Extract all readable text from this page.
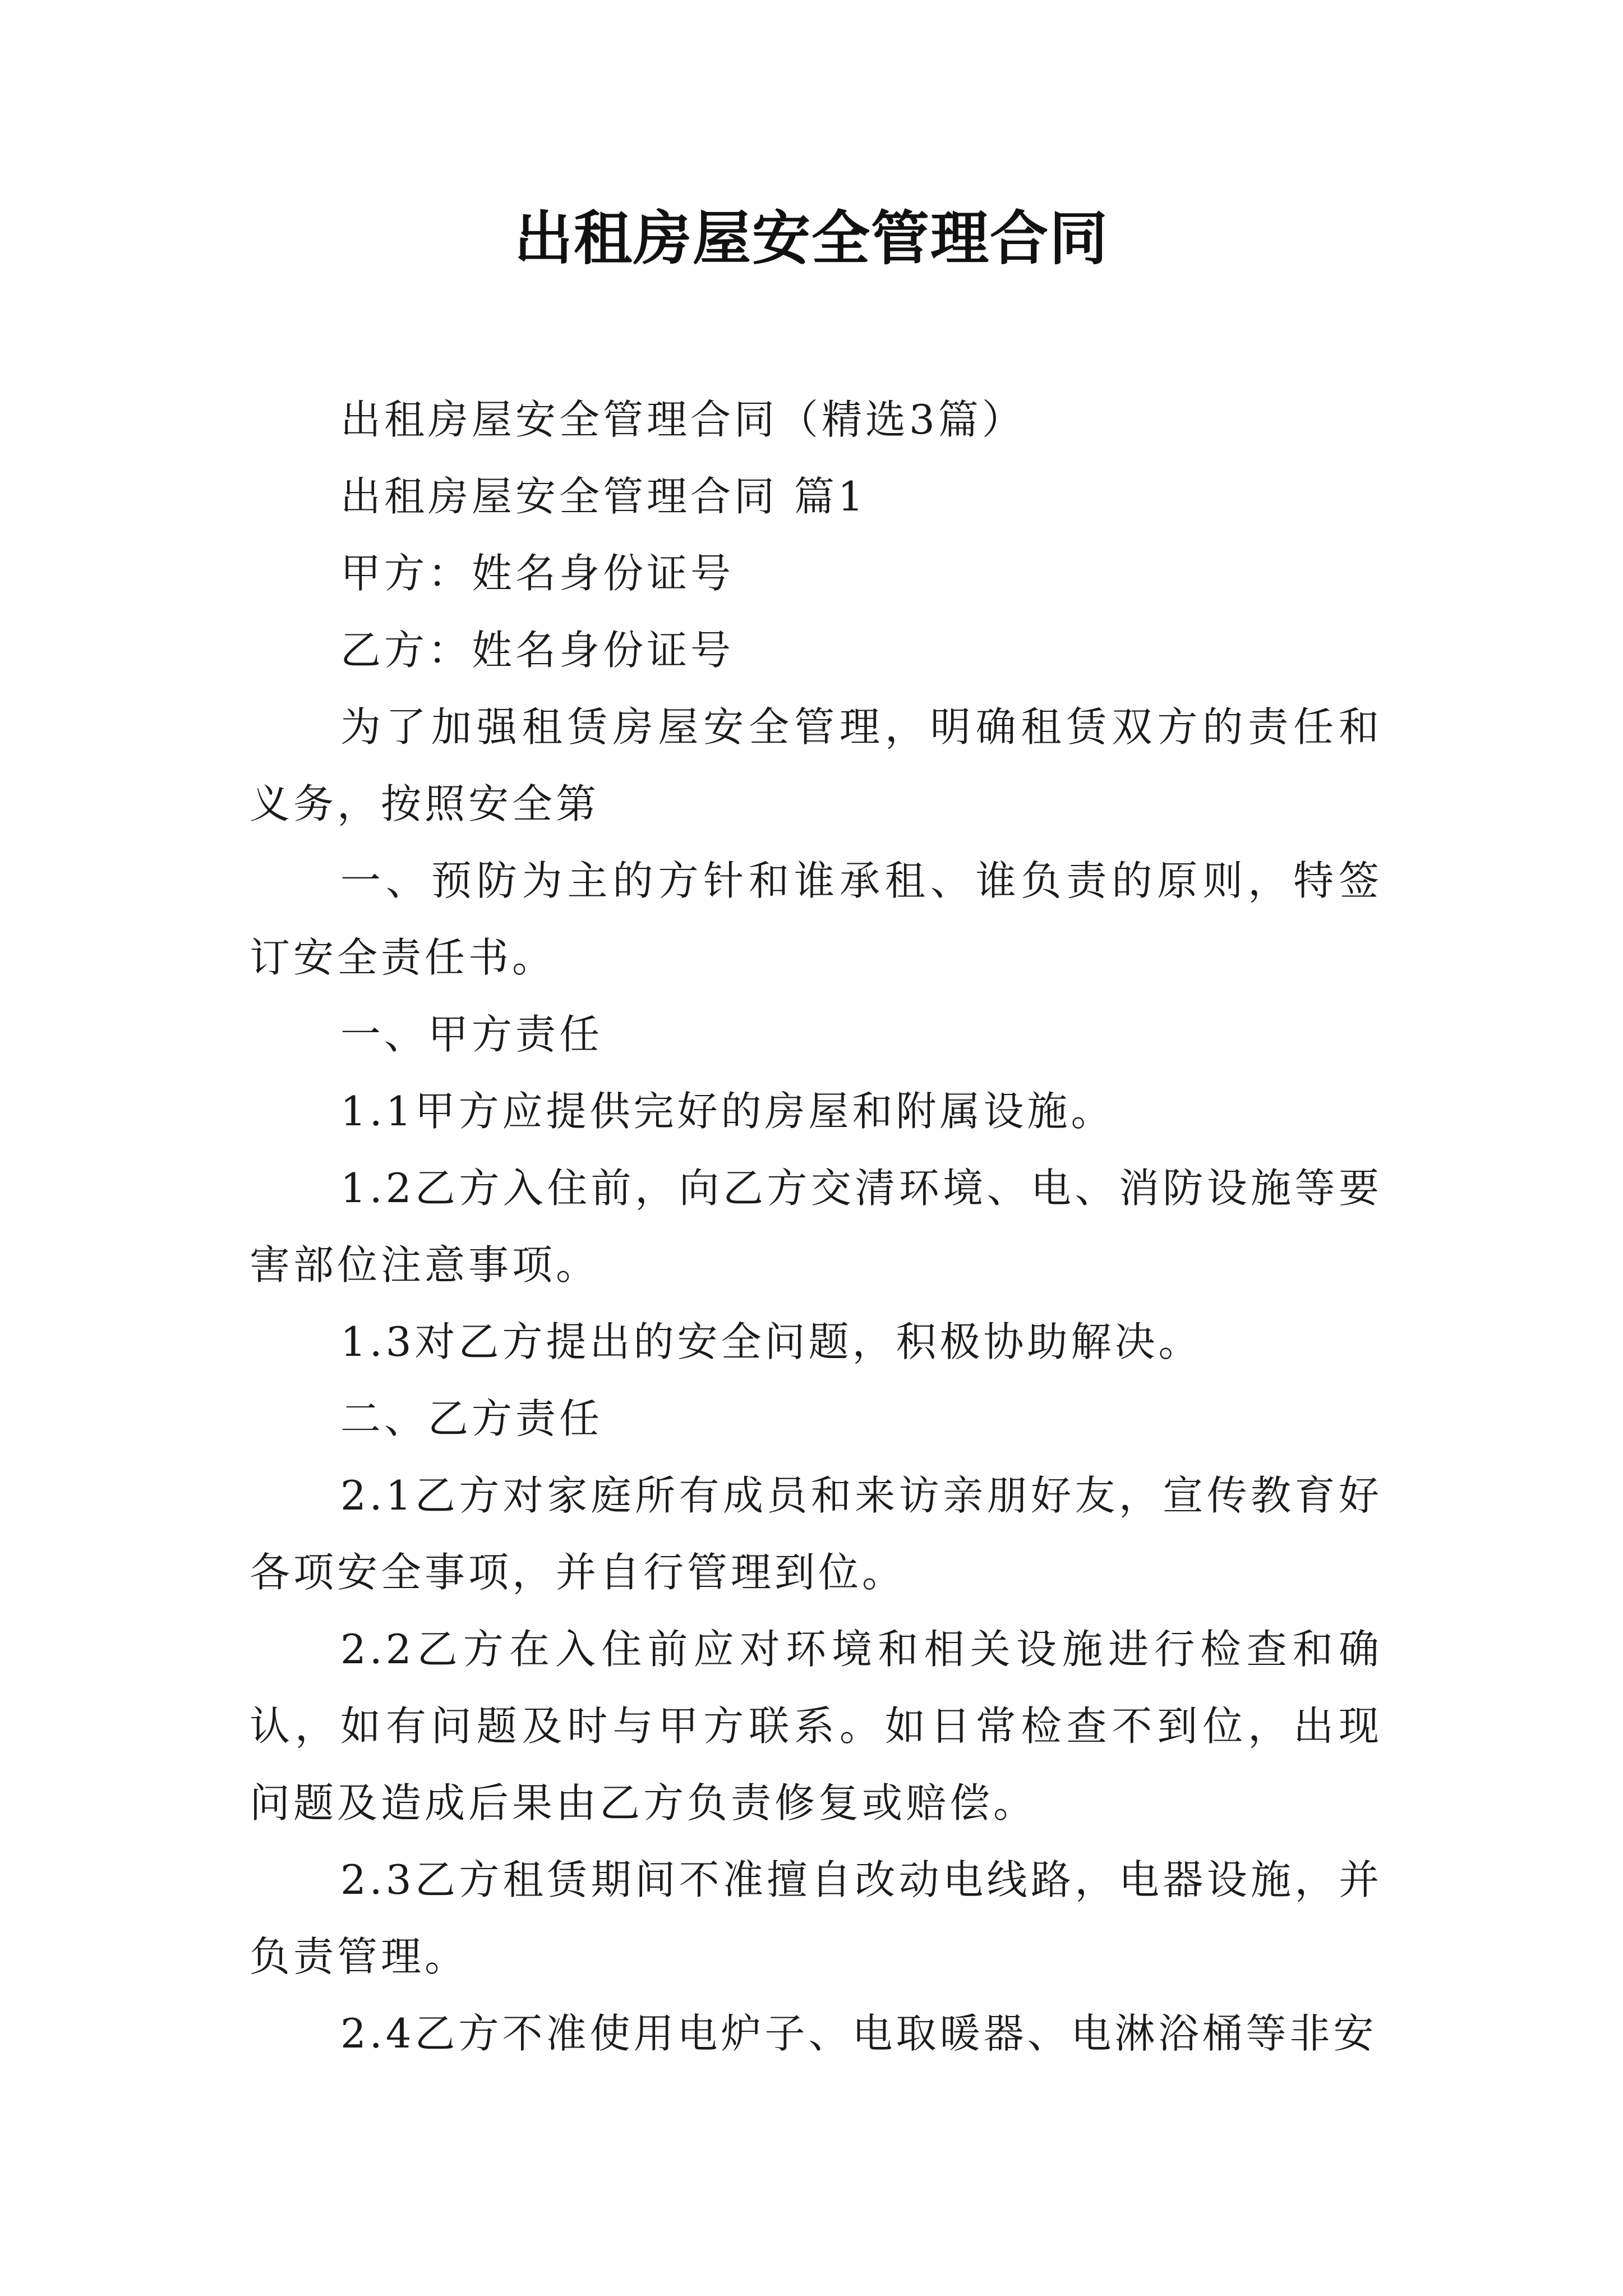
出租房屋安全管理合同

出租房屋安全管理合同（精选3篇）

出租房屋安全管理合同 篇1

甲方：姓名身份证号

乙方：姓名身份证号

为了加强租赁房屋安全管理，明确租赁双方的责任和义务，按照安全第

一、预防为主的方针和谁承租、谁负责的原则，特签订安全责任书。

一、甲方责任

1.1甲方应提供完好的房屋和附属设施。

1.2乙方入住前，向乙方交清环境、电、消防设施等要害部位注意事项。

1.3对乙方提出的安全问题，积极协助解决。

二、乙方责任

2.1乙方对家庭所有成员和来访亲朋好友，宣传教育好各项安全事项，并自行管理到位。

2.2乙方在入住前应对环境和相关设施进行检查和确认，如有问题及时与甲方联系。如日常检查不到位，出现问题及造成后果由乙方负责修复或赔偿。

2.3乙方租赁期间不准擅自改动电线路，电器设施，并负责管理。

2.4乙方不准使用电炉子、电取暖器、电淋浴桶等非安
